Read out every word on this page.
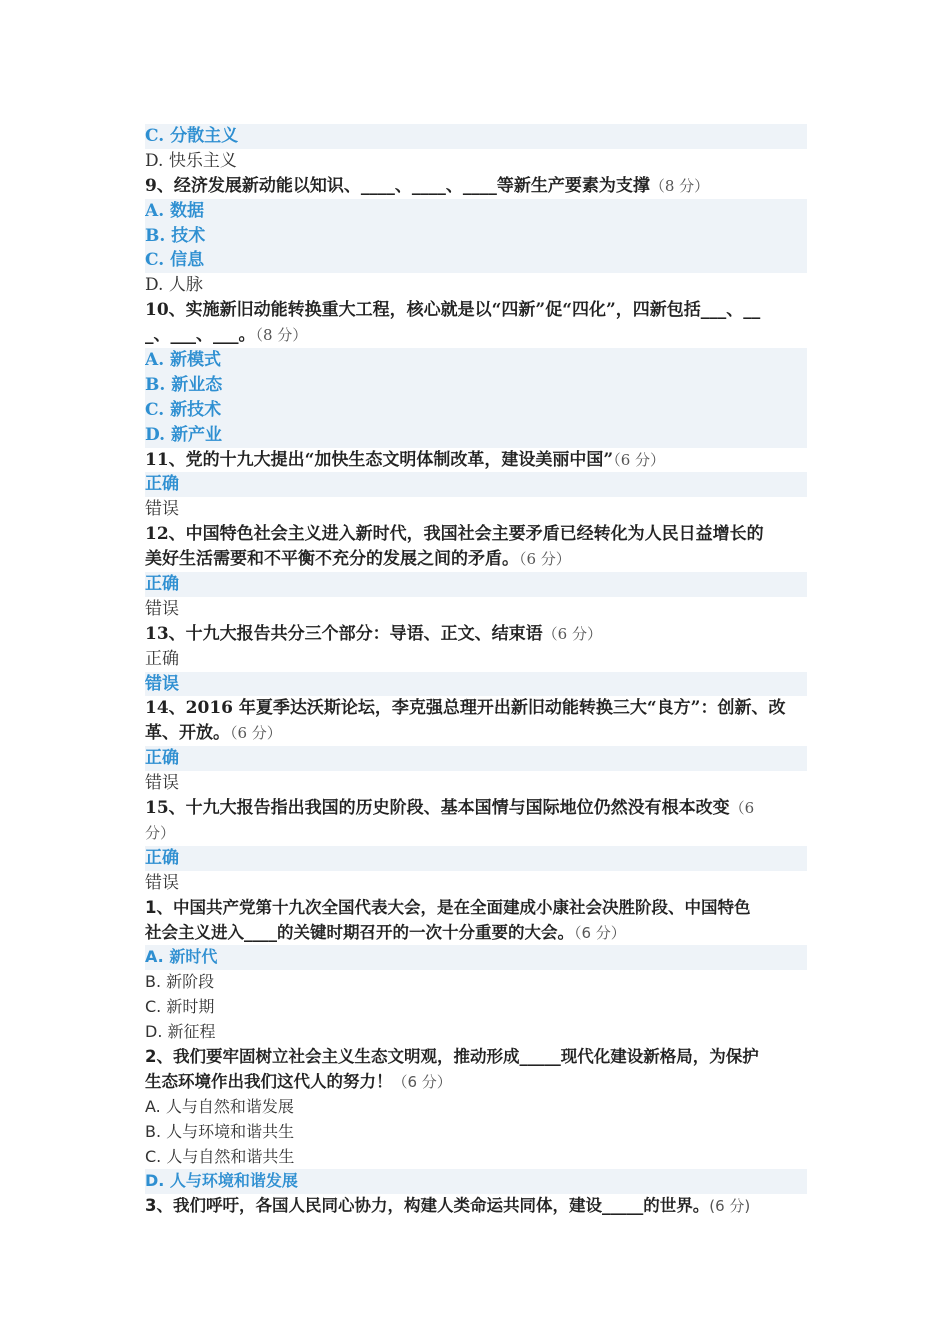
C. 分散主义
D. 快乐主义
9、经济发展新动能以知识、____、____、____等新生产要素为支撑（8 分）
A. 数据
B. 技术
C. 信息
D. 人脉
10、实施新旧动能转换重大工程，核心就是以“四新”促“四化”，四新包括___、__
_、___、___。（8 分）
A. 新模式
B. 新业态
C. 新技术
D. 新产业
11、党的十九大提出“加快生态文明体制改革，建设美丽中国”（6 分）
正确
错误
12、中国特色社会主义进入新时代，我国社会主要矛盾已经转化为人民日益增长的
美好生活需要和不平衡不充分的发展之间的矛盾。（6 分）
正确
错误
13、十九大报告共分三个部分：导语、正文、结束语（6 分）
正确
错误
14、2016 年夏季达沃斯论坛，李克强总理开出新旧动能转换三大“良方”：创新、改
革、开放。（6 分）
正确
错误
15、十九大报告指出我国的历史阶段、基本国情与国际地位仍然没有根本改变（6
分）
正确
错误
1、中国共产党第十九次全国代表大会，是在全面建成小康社会决胜阶段、中国特色
社会主义进入____的关键时期召开的一次十分重要的大会。（6 分）
A. 新时代
B. 新阶段
C. 新时期
D. 新征程
2、我们要牢固树立社会主义生态文明观，推动形成_____现代化建设新格局，为保护
生态环境作出我们这代人的努力！（6 分）
A. 人与自然和谐发展
B. 人与环境和谐共生
C. 人与自然和谐共生
D. 人与环境和谐发展
3、我们呼吁，各国人民同心协力，构建人类命运共同体，建设_____的世界。(6 分)
